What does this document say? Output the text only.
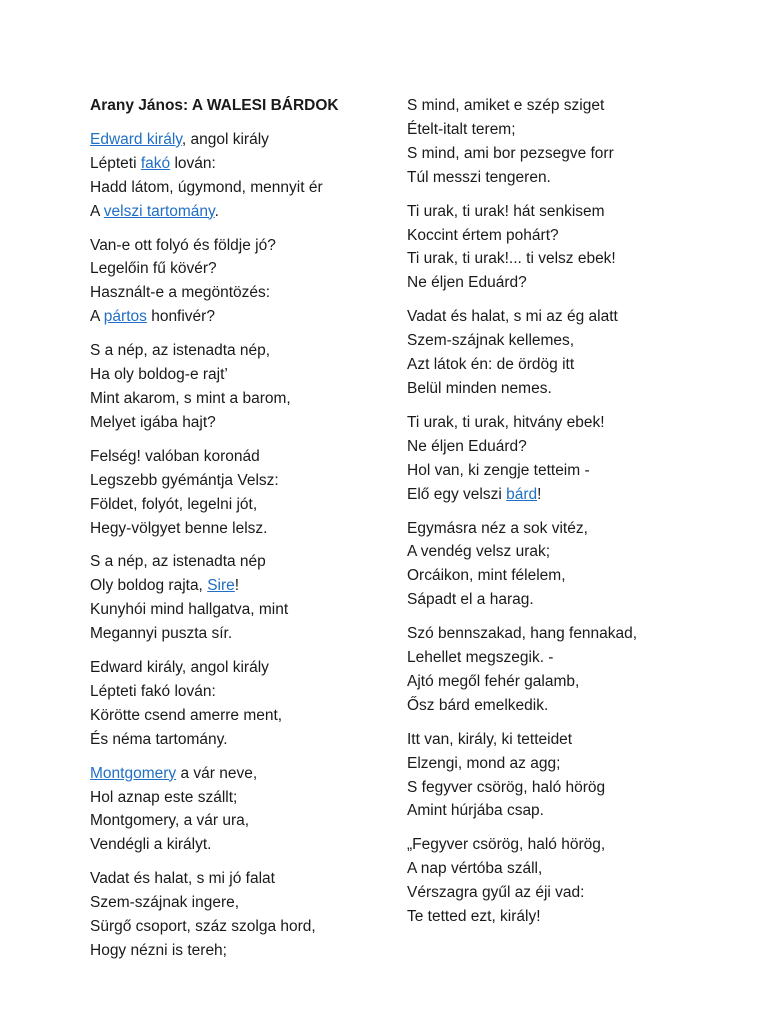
Arany János: A WALESI BÁRDOK
Edward király, angol király
Lépteti fakó lován:
Hadd látom, úgymond, mennyit ér
A velszi tartomány.
Van-e ott folyó és földje jó?
Legelőin fű kövér?
Használt-e a megöntözés:
A pártos honfivér?
S a nép, az istenadta nép,
Ha oly boldog-e rajt’
Mint akarom, s mint a barom,
Melyet igába hajt?
Felség! valóban koronád
Legszebb gyémántja Velsz:
Földet, folyót, legelni jót,
Hegy-völgyet benne lelsz.
S a nép, az istenadta nép
Oly boldog rajta, Sire!
Kunyhói mind hallgatva, mint
Megannyi puszta sír.
Edward király, angol király
Lépteti fakó lován:
Körötte csend amerre ment,
És néma tartomány.
Montgomery a vár neve,
Hol aznap este szállt;
Montgomery, a vár ura,
Vendégli a királyt.
Vadat és halat, s mi jó falat
Szem-szájnak ingere,
Sürgő csoport, száz szolga hord,
Hogy nézni is tereh;
S mind, amiket e szép sziget
Ételt-italt terem;
S mind, ami bor pezsegve forr
Túl messzi tengeren.
Ti urak, ti urak! hát senkisem
Koccint értem pohárt?
Ti urak, ti urak!... ti velsz ebek!
Ne éljen Eduárd?
Vadat és halat, s mi az ég alatt
Szem-szájnak kellemes,
Azt látok én: de ördög itt
Belül minden nemes.
Ti urak, ti urak, hitvány ebek!
Ne éljen Eduárd?
Hol van, ki zengje tetteim -
Elő egy velszi bárd!
Egymásra néz a sok vitéz,
A vendég velsz urak;
Orcáikon, mint félelem,
Sápadt el a harag.
Szó bennszakad, hang fennakad,
Lehellet megszegik. -
Ajtó megől fehér galamb,
Ősz bárd emelkedik.
Itt van, király, ki tetteidet
Elzengi, mond az agg;
S fegyver csörög, haló hörög
Amint húrjába csap.
„Fegyver csörög, haló hörög,
A nap vértóba száll,
Vérszagra gyűl az éji vad:
Te tetted ezt, király!
